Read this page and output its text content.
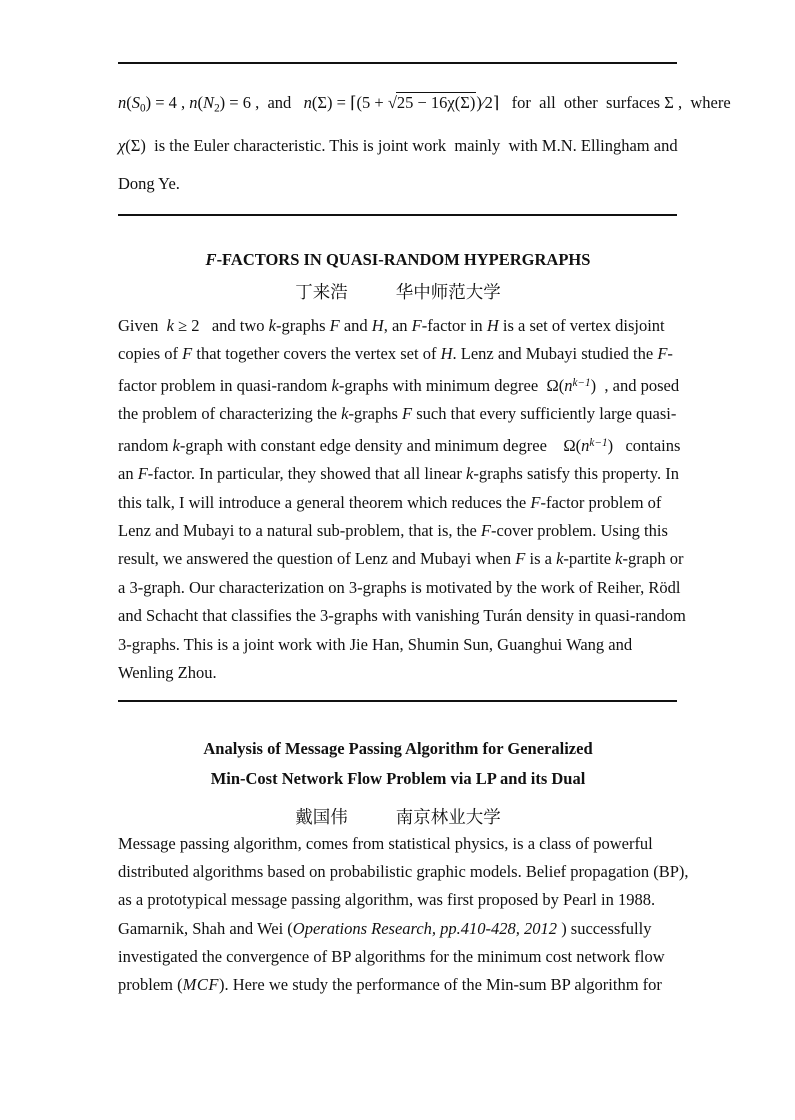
$n(S_0) = 4$ , $n(N_2) = 6$ ,  and   n(Σ) = ⌈(5 + √25 − 16χ(Σ))∕2⌉   for  all  other  surfaces Σ ,  where
χ(Σ)  is the Euler characteristic. This is joint work  mainly  with M.N. Ellingham and
Dong Ye.
F-FACTORS IN QUASI-RANDOM HYPERGRAPHS
丁来浩	华中师范大学
Given  k ≥ 2   and two k-graphs F and H, an F-factor in H is a set of vertex disjoint
copies of F that together covers the vertex set of H. Lenz and Mubayi studied the F-
factor problem in quasi-random k-graphs with minimum degree  $\Omega(n^{k-1})$  , and posed
the problem of characterizing the k-graphs F such that every sufficiently large quasi-
random k-graph with constant edge density and minimum degree    $\Omega(n^{k-1})$   contains
an F-factor. In particular, they showed that all linear k-graphs satisfy this property. In
this talk, I will introduce a general theorem which reduces the F-factor problem of
Lenz and Mubayi to a natural sub-problem, that is, the F-cover problem. Using this
result, we answered the question of Lenz and Mubayi when F is a k-partite k-graph or
a 3-graph. Our characterization on 3-graphs is motivated by the work of Reiher, Rödl
and Schacht that classifies the 3-graphs with vanishing Turán density in quasi-random
3-graphs. This is a joint work with Jie Han, Shumin Sun, Guanghui Wang and
Wenling Zhou.
Analysis of Message Passing Algorithm for Generalized
Min-Cost Network Flow Problem via LP and its Dual
戴国伟	南京林业大学
Message passing algorithm, comes from statistical physics, is a class of powerful
distributed algorithms based on probabilistic graphic models. Belief propagation (BP),
as a prototypical message passing algorithm, was first proposed by Pearl in 1988.
Gamarnik, Shah and Wei (Operations Research, pp.410-428, 2012 ) successfully
investigated the convergence of BP algorithms for the minimum cost network flow
problem (MCF). Here we study the performance of the Min-sum BP algorithm for
